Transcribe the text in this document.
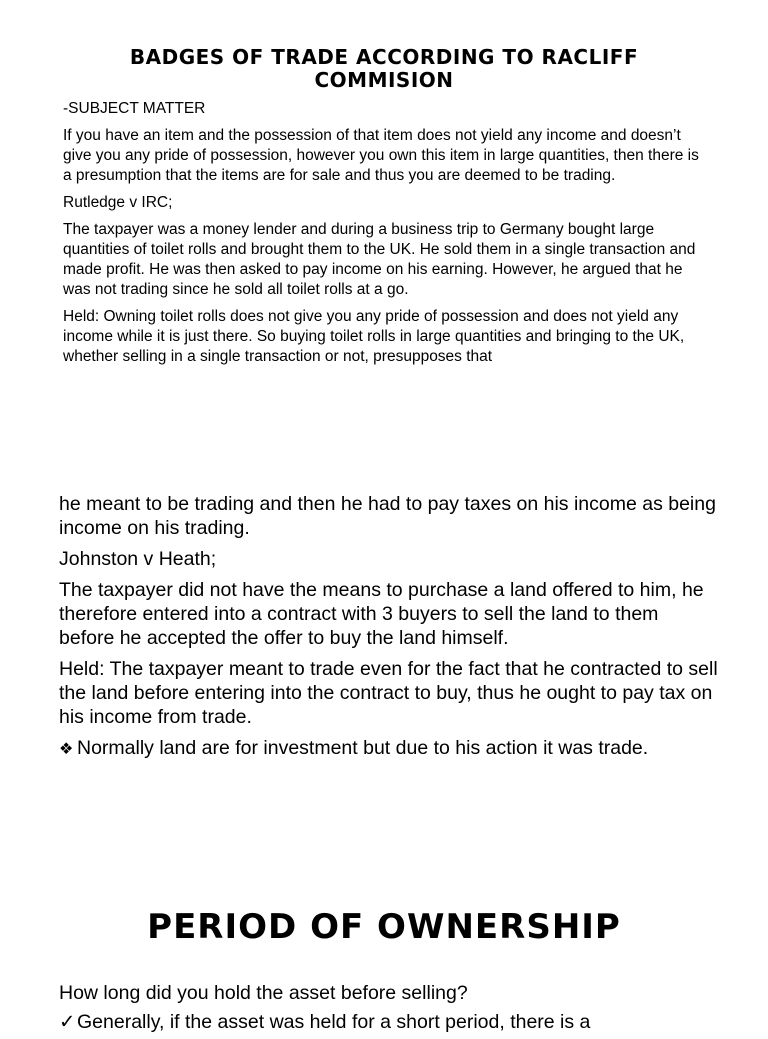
BADGES OF TRADE ACCORDING TO RACLIFF COMMISION

-SUBJECT MATTER

If you have an item and the possession of that item does not yield any income and doesn’t give you any pride of possession, however you own this item in large quantities, then there is a presumption that the items are for sale and thus you are deemed to be trading.

Rutledge v IRC;

The taxpayer was a money lender and during a business trip to Germany bought large quantities of toilet rolls and brought them to the UK. He sold them in a single transaction and made profit. He was then asked to pay income on his earning. However, he argued that he was not trading since he sold all toilet rolls at a go.

Held: Owning toilet rolls does not give you any pride of possession and does not yield any income while it is just there. So buying toilet rolls in large quantities and bringing to the UK, whether selling in a single transaction or not, presupposes that

he meant to be trading and then he had to pay taxes on his income as being income on his trading.

Johnston v Heath;

The taxpayer did not have the means to purchase a land offered to him, he therefore entered into a contract with 3 buyers to sell the land to them before he accepted the offer to buy the land himself.

Held: The taxpayer meant to trade even for the fact that he contracted to sell the land before entering into the contract to buy, thus he ought to pay tax on his income from trade.

❖ Normally land are for investment but due to his action it was trade.

PERIOD OF OWNERSHIP

How long did you hold the asset before selling?

✓Generally, if the asset was held for a short period, there is a
